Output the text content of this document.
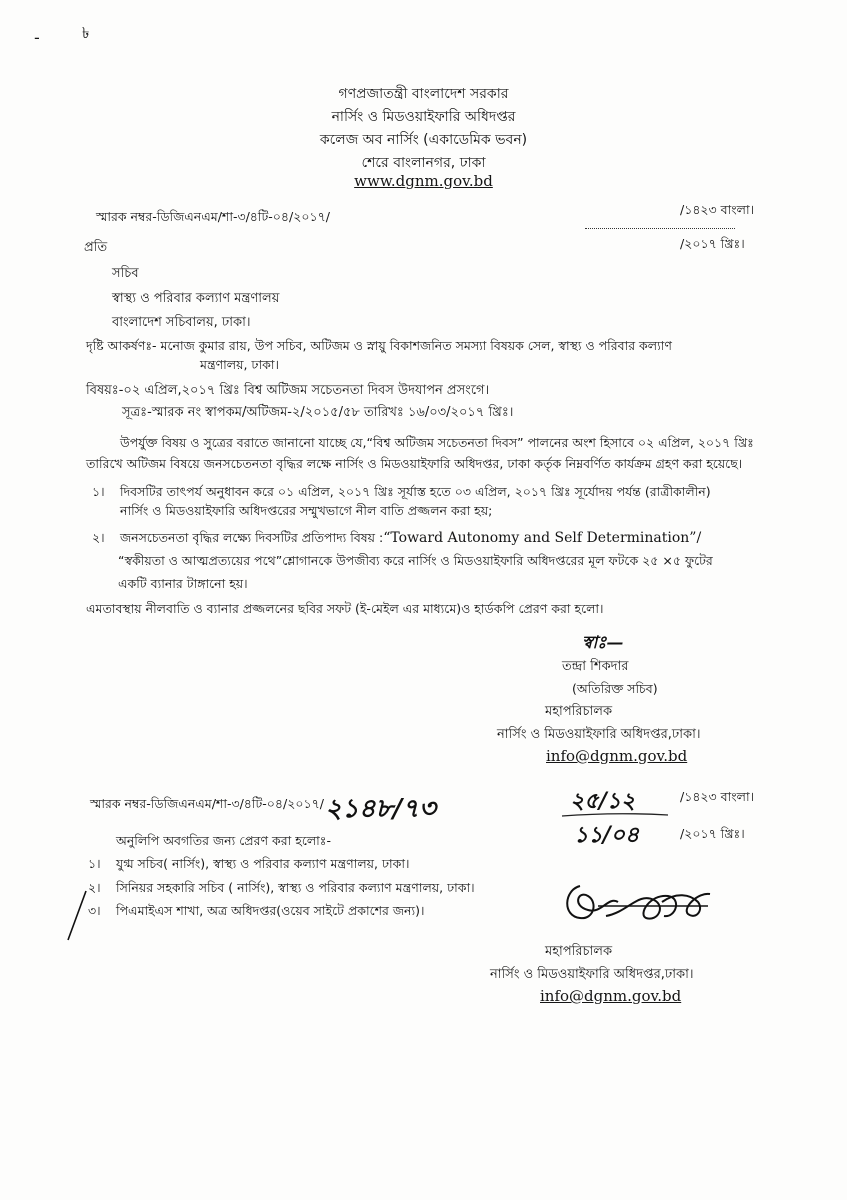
-	৳
গণপ্রজাতন্ত্রী বাংলাদেশ সরকার
নার্সিং ও মিডওয়াইফারি অধিদপ্তর
কলেজ অব নার্সিং (একাডেমিক ভবন)
শেরে বাংলানগর, ঢাকা
www.dgnm.gov.bd
স্মারক নম্বর-ডিজিএনএম/শা-৩/৪টি-০৪/২০১৭/	/১৪২৩ বাংলা।
/২০১৭ খ্রিঃ।
প্রতি
সচিব
স্বাস্থ্য ও পরিবার কল্যাণ মন্ত্রণালয়
বাংলাদেশ সচিবালয়, ঢাকা।
দৃষ্টি আকর্ষণঃ- মনোজ কুমার রায়, উপ সচিব, অটিজম ও স্নায়ু বিকাশজনিত সমস্যা বিষয়ক সেল, স্বাস্থ্য ও পরিবার কল্যাণ
মন্ত্রণালয়, ঢাকা।
বিষয়ঃ-০২ এপ্রিল,২০১৭ খ্রিঃ বিশ্ব অটিজম সচেতনতা দিবস উদযাপন প্রসংগে।
সূত্রঃ-স্মারক নং স্বাপকম/অটিজম-২/২০১৫/৫৮ তারিখঃ ১৬/০৩/২০১৭ খ্রিঃ।
উপর্যুক্ত বিষয় ও সুত্রের বরাতে জানানো যাচ্ছে যে,“বিশ্ব অটিজম সচেতনতা দিবস” পালনের অংশ হিসাবে ০২ এপ্রিল, ২০১৭ খ্রিঃ
তারিখে অটিজম বিষয়ে জনসচেতনতা বৃদ্ধির লক্ষে নার্সিং ও মিডওয়াইফারি অধিদপ্তর, ঢাকা কর্তৃক নিম্নবর্ণিত কার্যক্রম গ্রহণ করা হয়েছে।
১। দিবসটির তাৎপর্য অনুধাবন করে ০১ এপ্রিল, ২০১৭ খ্রিঃ সূর্যাস্ত হতে ০৩ এপ্রিল, ২০১৭ খ্রিঃ সূর্যোদয় পর্যন্ত (রাত্রীকালীন)
নার্সিং ও মিডওয়াইফারি অধিদপ্তরের সম্মুখভাগে নীল বাতি প্রজ্জলন করা হয়;
২। জনসচেতনতা বৃদ্ধির লক্ষ্যে দিবসটির প্রতিপাদ্য বিষয় :“Toward Autonomy and Self Determination”/
“স্বকীয়তা ও আত্মপ্রত্যয়ের পথে”শ্লোগানকে উপজীব্য করে নার্সিং ও মিডওয়াইফারি অধিদপ্তরের মূল ফটকে ২৫ ×৫ ফুটের
একটি ব্যানার টাঙ্গানো হয়।
এমতাবস্থায় নীলবাতি ও ব্যানার প্রজ্জলনের ছবির সফট (ই-মেইল এর মাধ্যমে)ও হার্ডকপি প্রেরণ করা হলো।
স্বাঃ—
তন্দ্রা শিকদার
(অতিরিক্ত সচিব)
মহাপরিচালক
নার্সিং ও মিডওয়াইফারি অধিদপ্তর,ঢাকা।
info@dgnm.gov.bd
স্মারক নম্বর-ডিজিএনএম/শা-৩/৪টি-০৪/২০১৭/ ২১৪৮/৭৩	২৫/১২	/১৪২৩ বাংলা।
১১/০৪	/২০১৭ খ্রিঃ।
অনুলিপি অবগতির জন্য প্রেরণ করা হলোঃ-
১। যুগ্ম সচিব( নার্সিং), স্বাস্থ্য ও পরিবার কল্যাণ মন্ত্রণালয়, ঢাকা।
২। সিনিয়র সহকারি সচিব ( নার্সিং), স্বাস্থ্য ও পরিবার কল্যাণ মন্ত্রণালয়, ঢাকা।
৩। পিএমাইএস শাখা, অত্র অধিদপ্তর(ওয়েব সাইটে প্রকাশের জন্য)।
মহাপরিচালক
নার্সিং ও মিডওয়াইফারি অধিদপ্তর,ঢাকা।
info@dgnm.gov.bd
